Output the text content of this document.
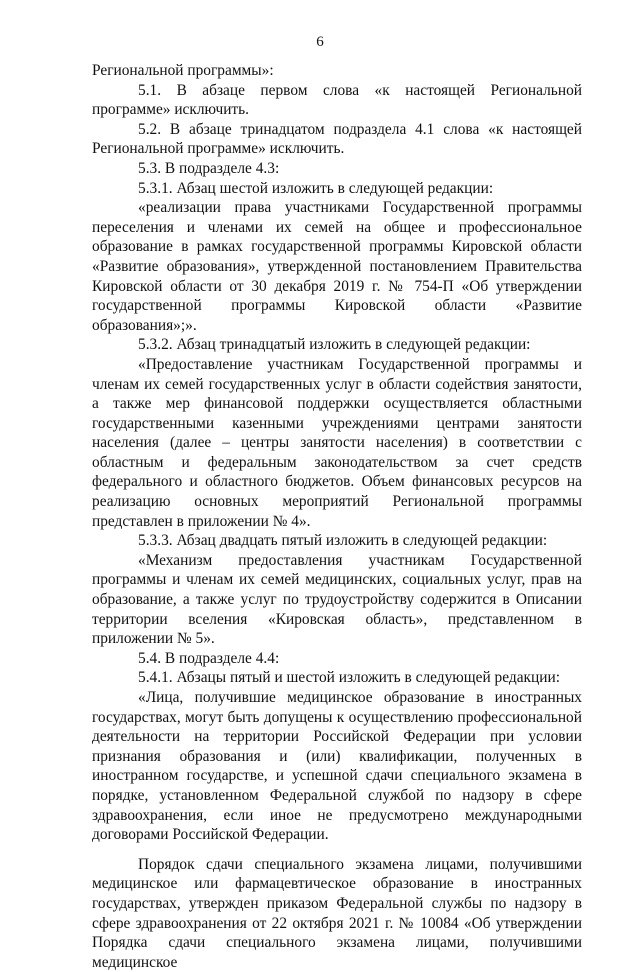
6

Региональной программы»:

5.1. В абзаце первом слова «к настоящей Региональной программе» исключить.

5.2. В абзаце тринадцатом подраздела 4.1 слова «к настоящей Региональной программе» исключить.

5.3. В подразделе 4.3:

5.3.1. Абзац шестой изложить в следующей редакции:

«реализации права участниками Государственной программы переселения и членами их семей на общее и профессиональное образование в рамках государственной программы Кировской области «Развитие образования», утвержденной постановлением Правительства Кировской области от 30 декабря 2019 г. № 754-П «Об утверждении государственной программы Кировской области «Развитие образования»;».

5.3.2. Абзац тринадцатый изложить в следующей редакции:

«Предоставление участникам Государственной программы и членам их семей государственных услуг в области содействия занятости, а также мер финансовой поддержки осуществляется областными государственными казенными учреждениями центрами занятости населения (далее – центры занятости населения) в соответствии с областным и федеральным законодательством за счет средств федерального и областного бюджетов. Объем финансовых ресурсов на реализацию основных мероприятий Региональной программы представлен в приложении № 4».

5.3.3. Абзац двадцать пятый изложить в следующей редакции:

«Механизм предоставления участникам Государственной программы и членам их семей медицинских, социальных услуг, прав на образование, а также услуг по трудоустройству содержится в Описании территории вселения «Кировская область», представленном в приложении № 5».

5.4. В подразделе 4.4:

5.4.1. Абзацы пятый и шестой изложить в следующей редакции:

«Лица, получившие медицинское образование в иностранных государствах, могут быть допущены к осуществлению профессиональной деятельности на территории Российской Федерации при условии признания образования и (или) квалификации, полученных в иностранном государстве, и успешной сдачи специального экзамена в порядке, установленном Федеральной службой по надзору в сфере здравоохранения, если иное не предусмотрено международными договорами Российской Федерации.

Порядок сдачи специального экзамена лицами, получившими медицинское или фармацевтическое образование в иностранных государствах, утвержден приказом Федеральной службы по надзору в сфере здравоохранения от 22 октября 2021 г. № 10084 «Об утверждении Порядка сдачи специального экзамена лицами, получившими медицинское
